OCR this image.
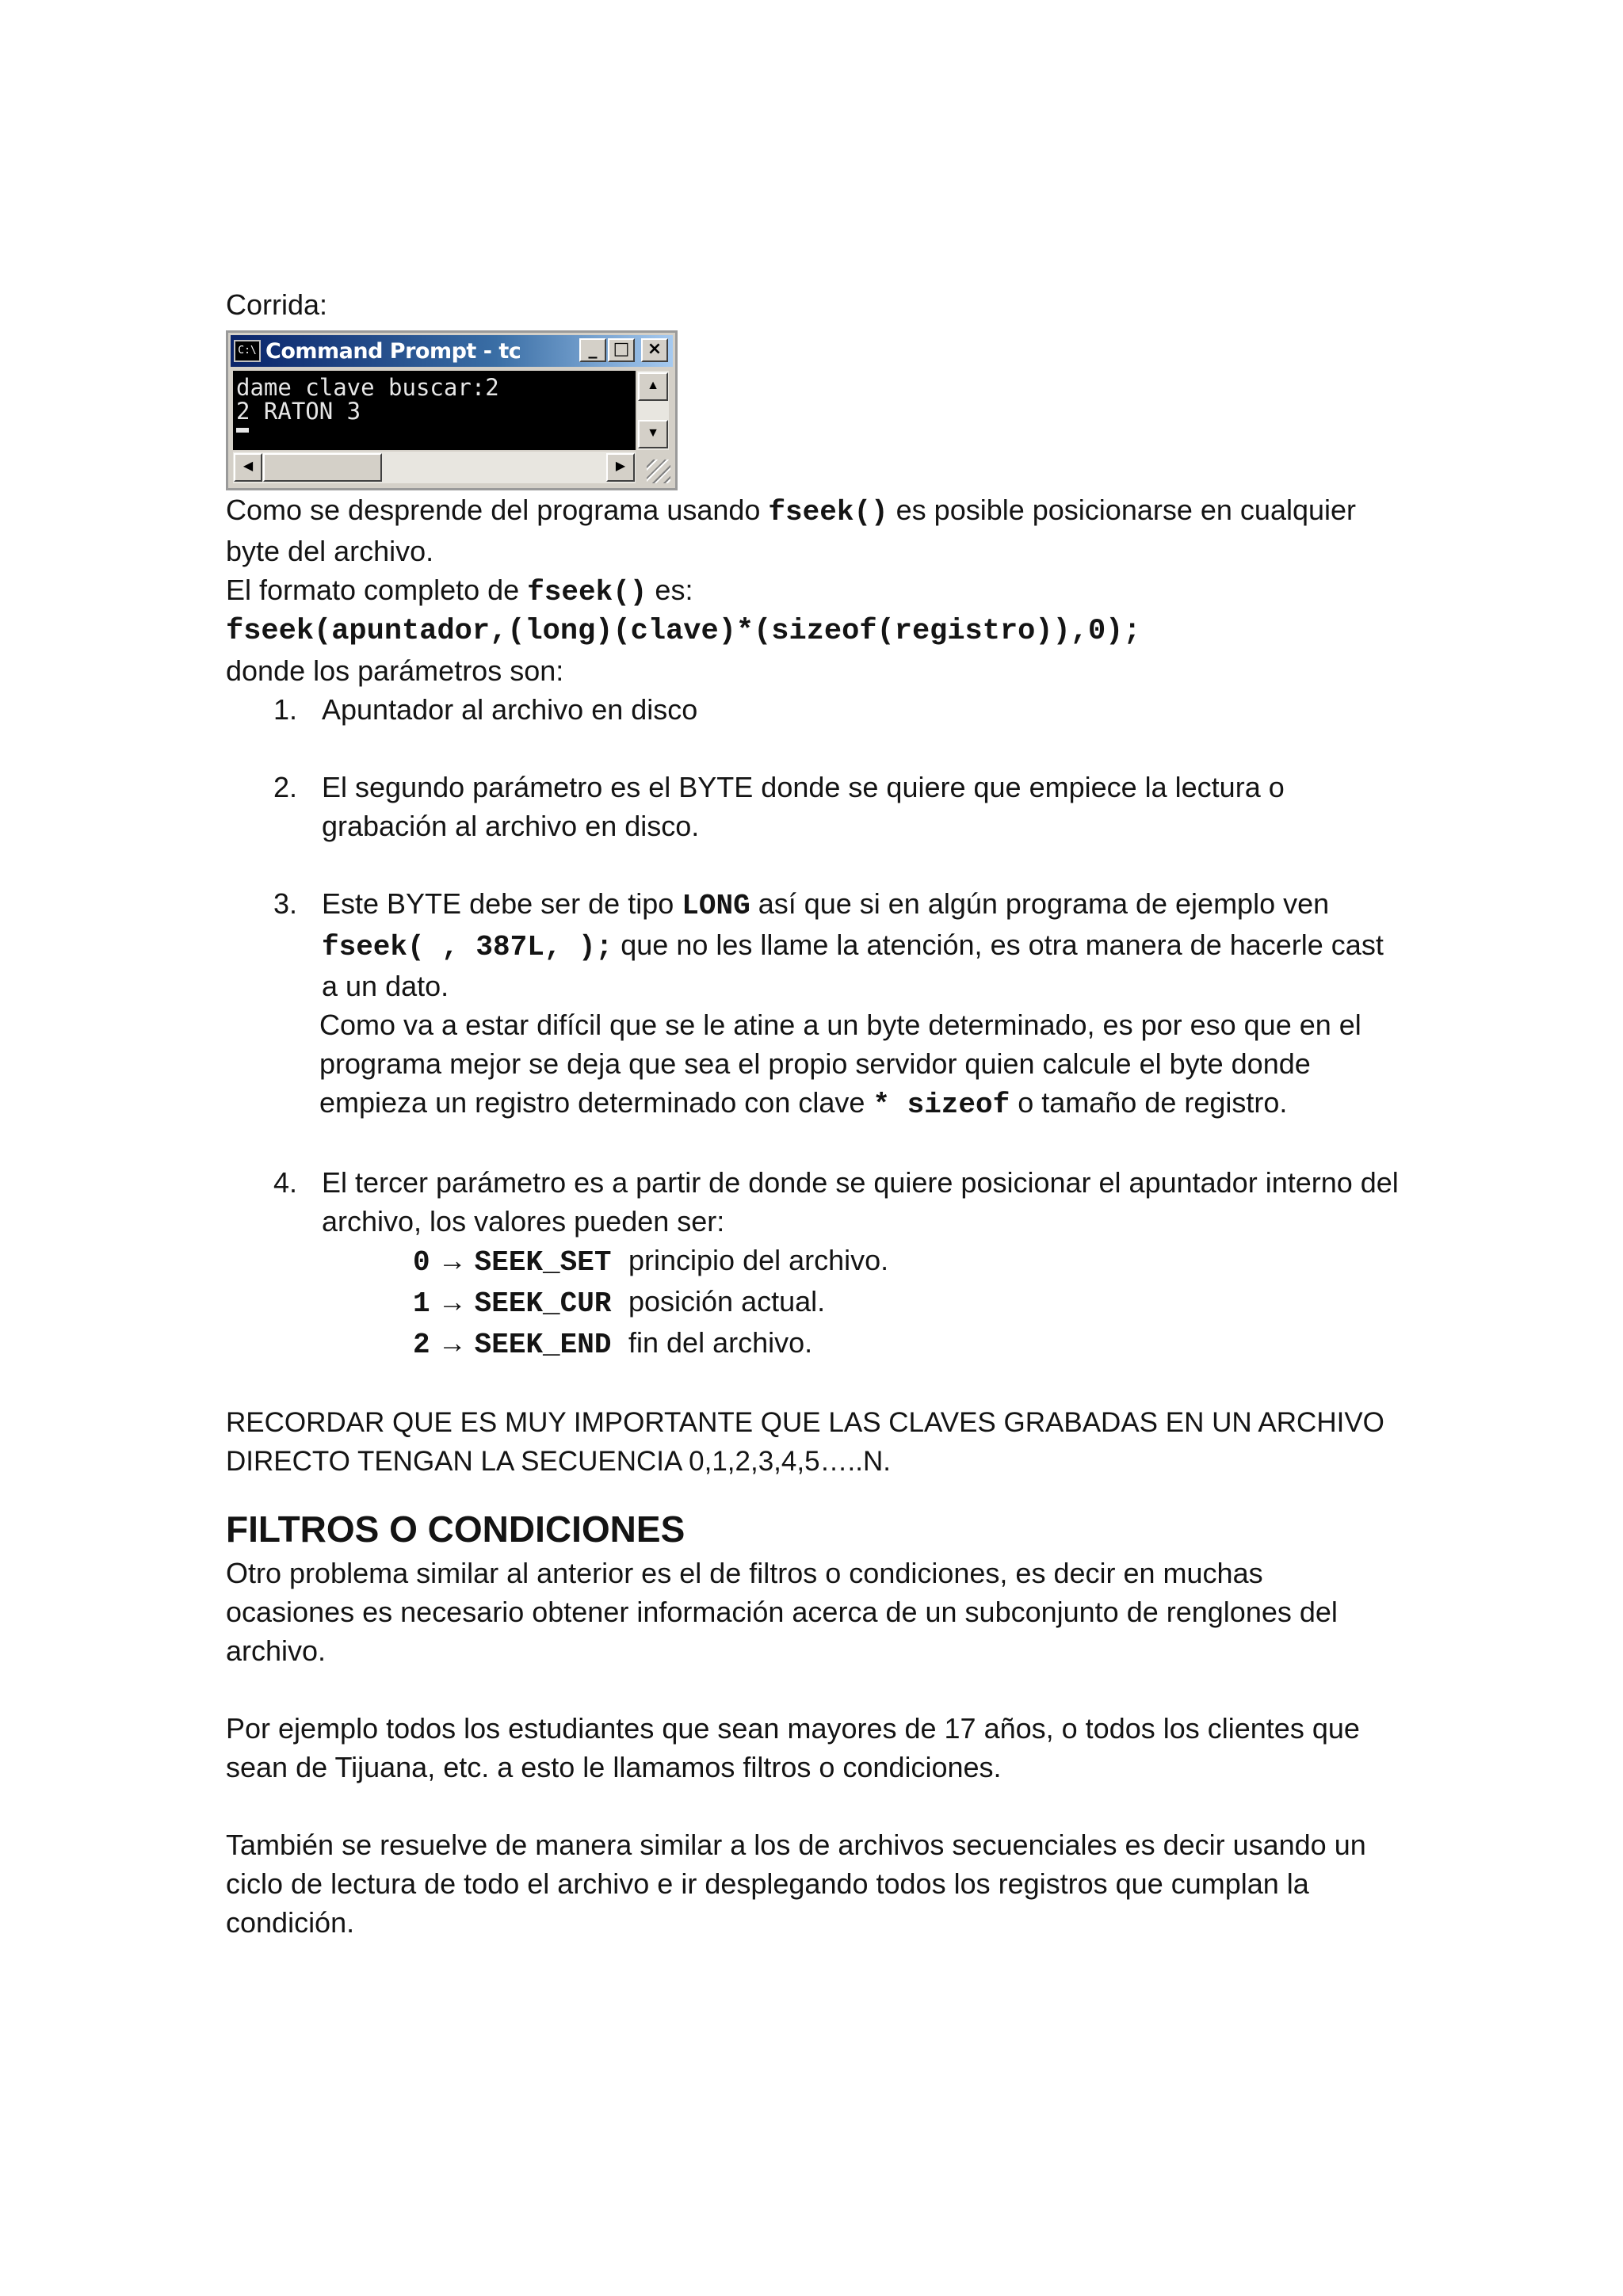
Corrida:

C:\ Command Prompt - tc	_ □	×
dame clave buscar:2
2 RATON 3
▲
▼
◀	▶

Como se desprende del programa usando fseek() es posible posicionarse en cualquier byte del archivo.

El formato completo de fseek() es:

fseek(apuntador,(long)(clave)*(sizeof(registro)),0);

donde los parámetros son:

1. Apuntador al archivo en disco
2. El segundo parámetro es el BYTE donde se quiere que empiece la lectura o grabación al archivo en disco.
3. Este BYTE debe ser de tipo LONG así que si en algún programa de ejemplo ven fseek( , 387L, ); que no les llame la atención, es otra manera de hacerle cast a un dato.
Como va a estar difícil que se le atine a un byte determinado, es por eso que en el programa mejor se deja que sea el propio servidor quien calcule el byte donde empieza un registro determinado con clave * sizeof o tamaño de registro.
4. El tercer parámetro es a partir de donde se quiere posicionar el apuntador interno del archivo, los valores pueden ser:
0 → SEEK_SET principio del archivo.
1 → SEEK_CUR posición actual.
2 → SEEK_END fin del archivo.

RECORDAR QUE ES MUY IMPORTANTE QUE LAS CLAVES GRABADAS EN UN ARCHIVO DIRECTO TENGAN LA SECUENCIA 0,1,2,3,4,5…..N.

FILTROS O CONDICIONES

Otro problema similar al anterior es el de filtros o condiciones, es decir en muchas ocasiones es necesario obtener información acerca de un subconjunto de renglones del archivo.

Por ejemplo todos los estudiantes que sean mayores de 17 años, o todos los clientes que sean de Tijuana, etc. a esto le llamamos filtros o condiciones.

También se resuelve de manera similar a los de archivos secuenciales es decir usando un ciclo de lectura de todo el archivo e ir desplegando todos los registros que cumplan la condición.
